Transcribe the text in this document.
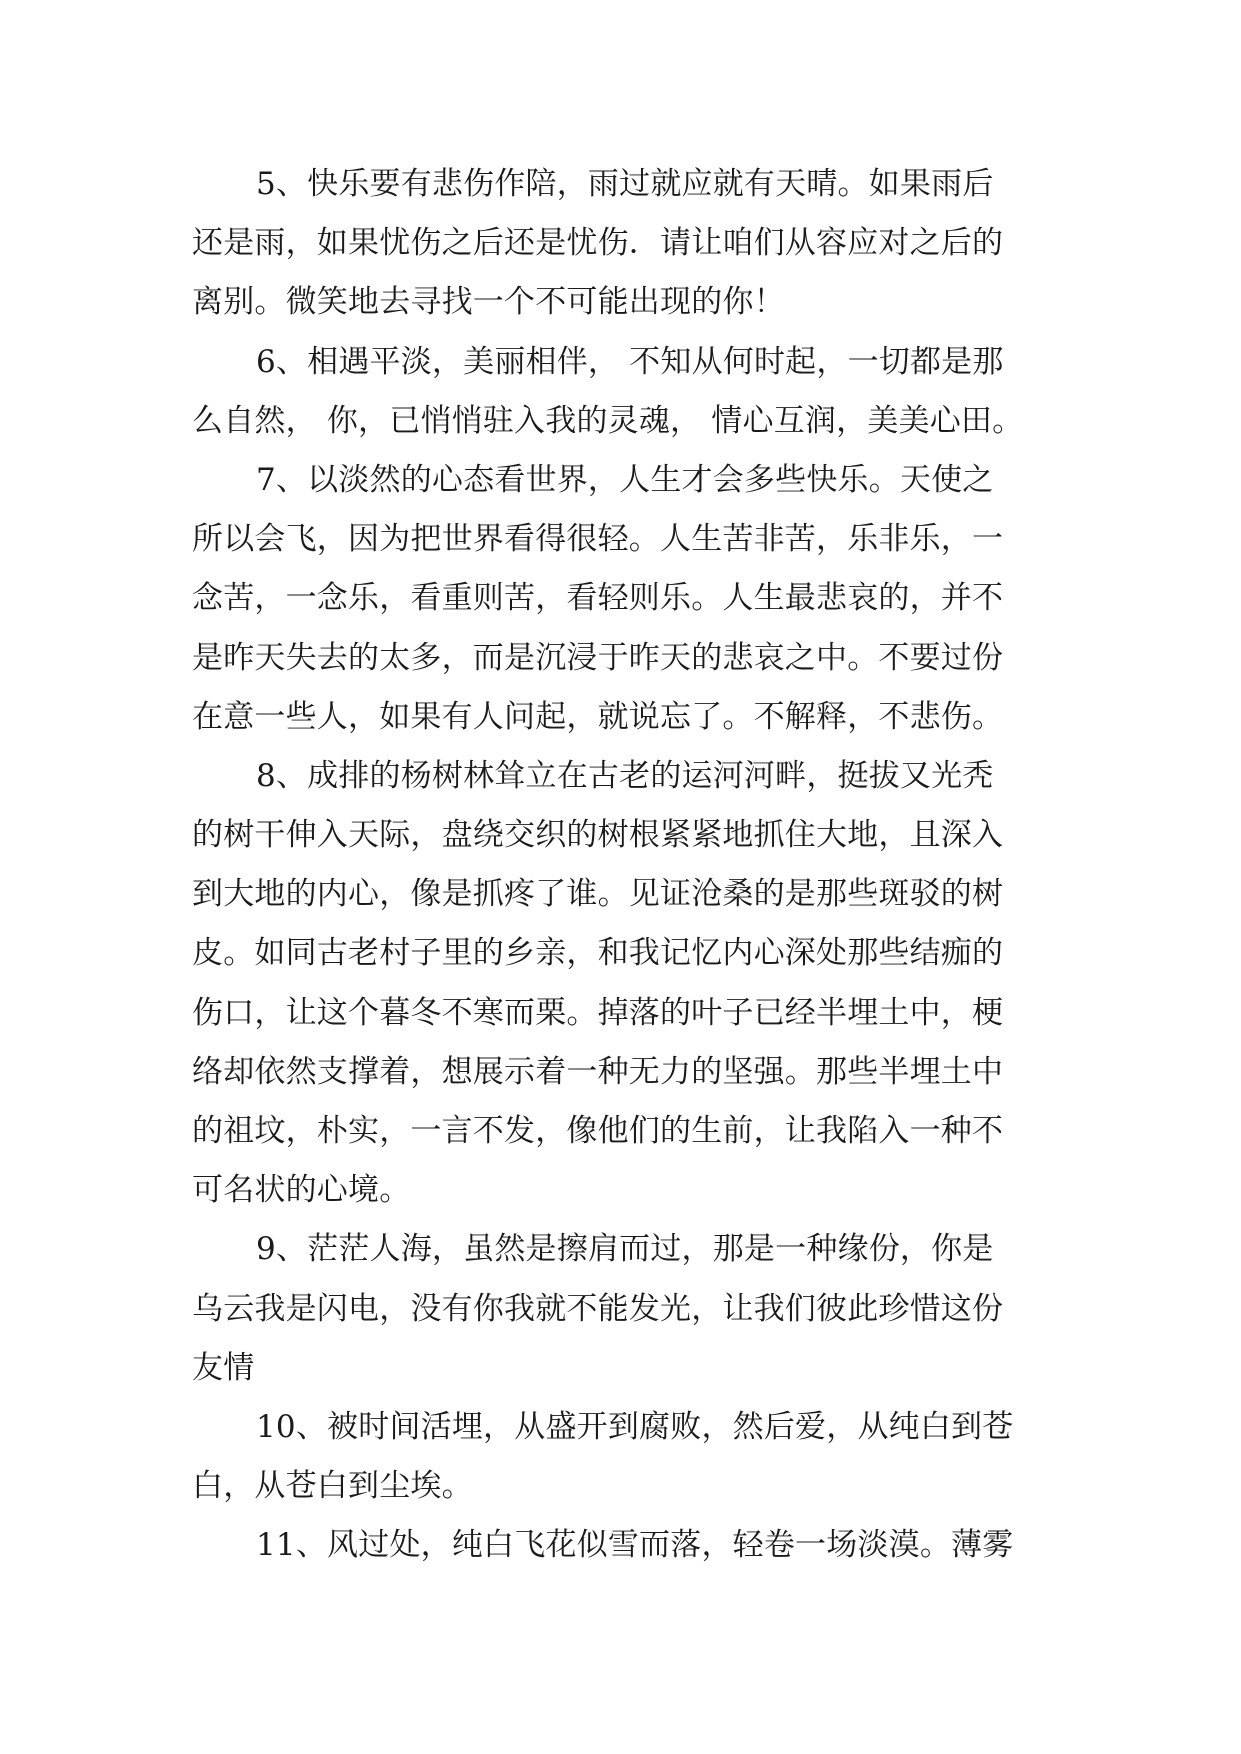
5、快乐要有悲伤作陪，雨过就应就有天晴。如果雨后
还是雨，如果忧伤之后还是忧伤．请让咱们从容应对之后的
离别。微笑地去寻找一个不可能出现的你！
6、相遇平淡，美丽相伴， 不知从何时起，一切都是那
么自然， 你，已悄悄驻入我的灵魂， 情心互润，美美心田。
7、以淡然的心态看世界，人生才会多些快乐。天使之
所以会飞，因为把世界看得很轻。人生苦非苦，乐非乐，一
念苦，一念乐，看重则苦，看轻则乐。人生最悲哀的，并不
是昨天失去的太多，而是沉浸于昨天的悲哀之中。不要过份
在意一些人，如果有人问起，就说忘了。不解释，不悲伤。
8、成排的杨树林耸立在古老的运河河畔，挺拔又光秃
的树干伸入天际，盘绕交织的树根紧紧地抓住大地，且深入
到大地的内心，像是抓疼了谁。见证沧桑的是那些斑驳的树
皮。如同古老村子里的乡亲，和我记忆内心深处那些结痂的
伤口，让这个暮冬不寒而栗。掉落的叶子已经半埋土中，梗
络却依然支撑着，想展示着一种无力的坚强。那些半埋土中
的祖坟，朴实，一言不发，像他们的生前，让我陷入一种不
可名状的心境。
9、茫茫人海，虽然是擦肩而过，那是一种缘份，你是
乌云我是闪电，没有你我就不能发光，让我们彼此珍惜这份
友情
10、被时间活埋，从盛开到腐败，然后爱，从纯白到苍
白，从苍白到尘埃。
11、风过处，纯白飞花似雪而落，轻卷一场淡漠。薄雾
